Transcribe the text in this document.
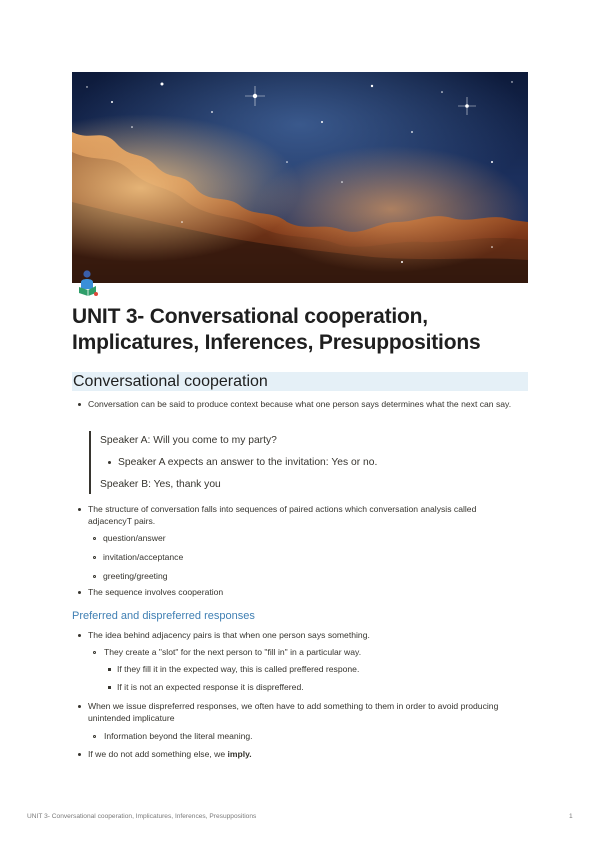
UNIT 3- Conversational cooperation, Implicatures, Inferences, Presuppositions
Conversational cooperation
Conversation can be said to produce context because what one person says determines what the next can say.
Speaker A: Will you come to my party?
Speaker A expects an answer to the invitation: Yes or no.
Speaker B: Yes, thank you
The structure of conversation falls into sequences of paired actions which conversation analysis called adjacencyT pairs.
question/answer
invitation/acceptance
greeting/greeting
The sequence involves cooperation
Preferred and dispreferred responses
The idea behind adjacency pairs is that when one person says something.
They create a "slot" for the next person to "fill in" in a particular way.
If they fill it in the expected way, this is called preffered respone.
If it is not an expected response it is dispreffered.
When we issue dispreferred responses, we often have to add something to them in order to avoid producing unintended implicature
Information beyond the literal meaning.
If we do not add something else, we imply.
UNIT 3- Conversational cooperation, Implicatures, Inferences, Presuppositions	1
